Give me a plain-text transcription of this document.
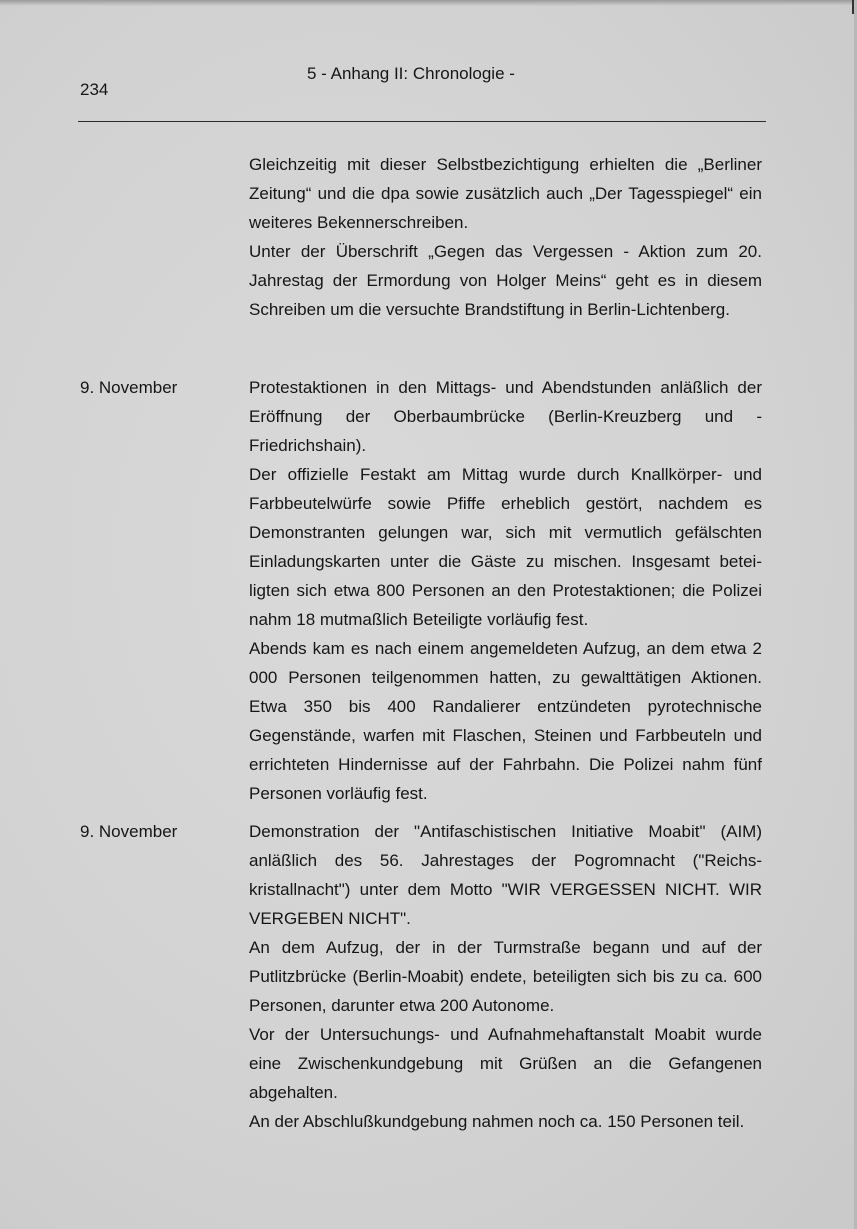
234
5 - Anhang II: Chronologie -

Gleichzeitig mit dieser Selbstbezichtigung erhielten die „Berliner Zeitung“ und die dpa sowie zusätzlich auch „Der Tagesspiegel“ ein weiteres Bekennerschreiben.

Unter der Überschrift „Gegen das Vergessen - Aktion zum 20. Jahrestag der Ermordung von Holger Meins“ geht es in diesem Schreiben um die versuchte Brandstiftung in Berlin-Lichtenberg.

9. November	Protestaktionen in den Mittags- und Abendstunden anläßlich der Eröffnung der Oberbaumbrücke (Berlin-Kreuzberg und -Friedrichshain).

Der offizielle Festakt am Mittag wurde durch Knallkörper- und Farbbeutelwürfe sowie Pfiffe erheblich gestört, nachdem es Demonstranten gelungen war, sich mit vermutlich gefälschten Einladungskarten unter die Gäste zu mischen. Insgesamt beteiligten sich etwa 800 Personen an den Protestaktionen; die Polizei nahm 18 mutmaßlich Beteiligte vorläufig fest.

Abends kam es nach einem angemeldeten Aufzug, an dem etwa 2 000 Personen teilgenommen hatten, zu gewalttätigen Aktionen. Etwa 350 bis 400 Randalierer entzündeten pyrotechnische Gegenstände, warfen mit Flaschen, Steinen und Farbbeuteln und errichteten Hindernisse auf der Fahrbahn. Die Polizei nahm fünf Personen vorläufig fest.

9. November	Demonstration der "Antifaschistischen Initiative Moabit" (AIM) anläßlich des 56. Jahrestages der Pogromnacht ("Reichskristallnacht") unter dem Motto "WIR VERGESSEN NICHT. WIR VERGEBEN NICHT".

An dem Aufzug, der in der Turmstraße begann und auf der Putlitzbrücke (Berlin-Moabit) endete, beteiligten sich bis zu ca. 600 Personen, darunter etwa 200 Autonome.

Vor der Untersuchungs- und Aufnahmehaftanstalt Moabit wurde eine Zwischenkundgebung mit Grüßen an die Gefangenen abgehalten.

An der Abschlußkundgebung nahmen noch ca. 150 Personen teil.
